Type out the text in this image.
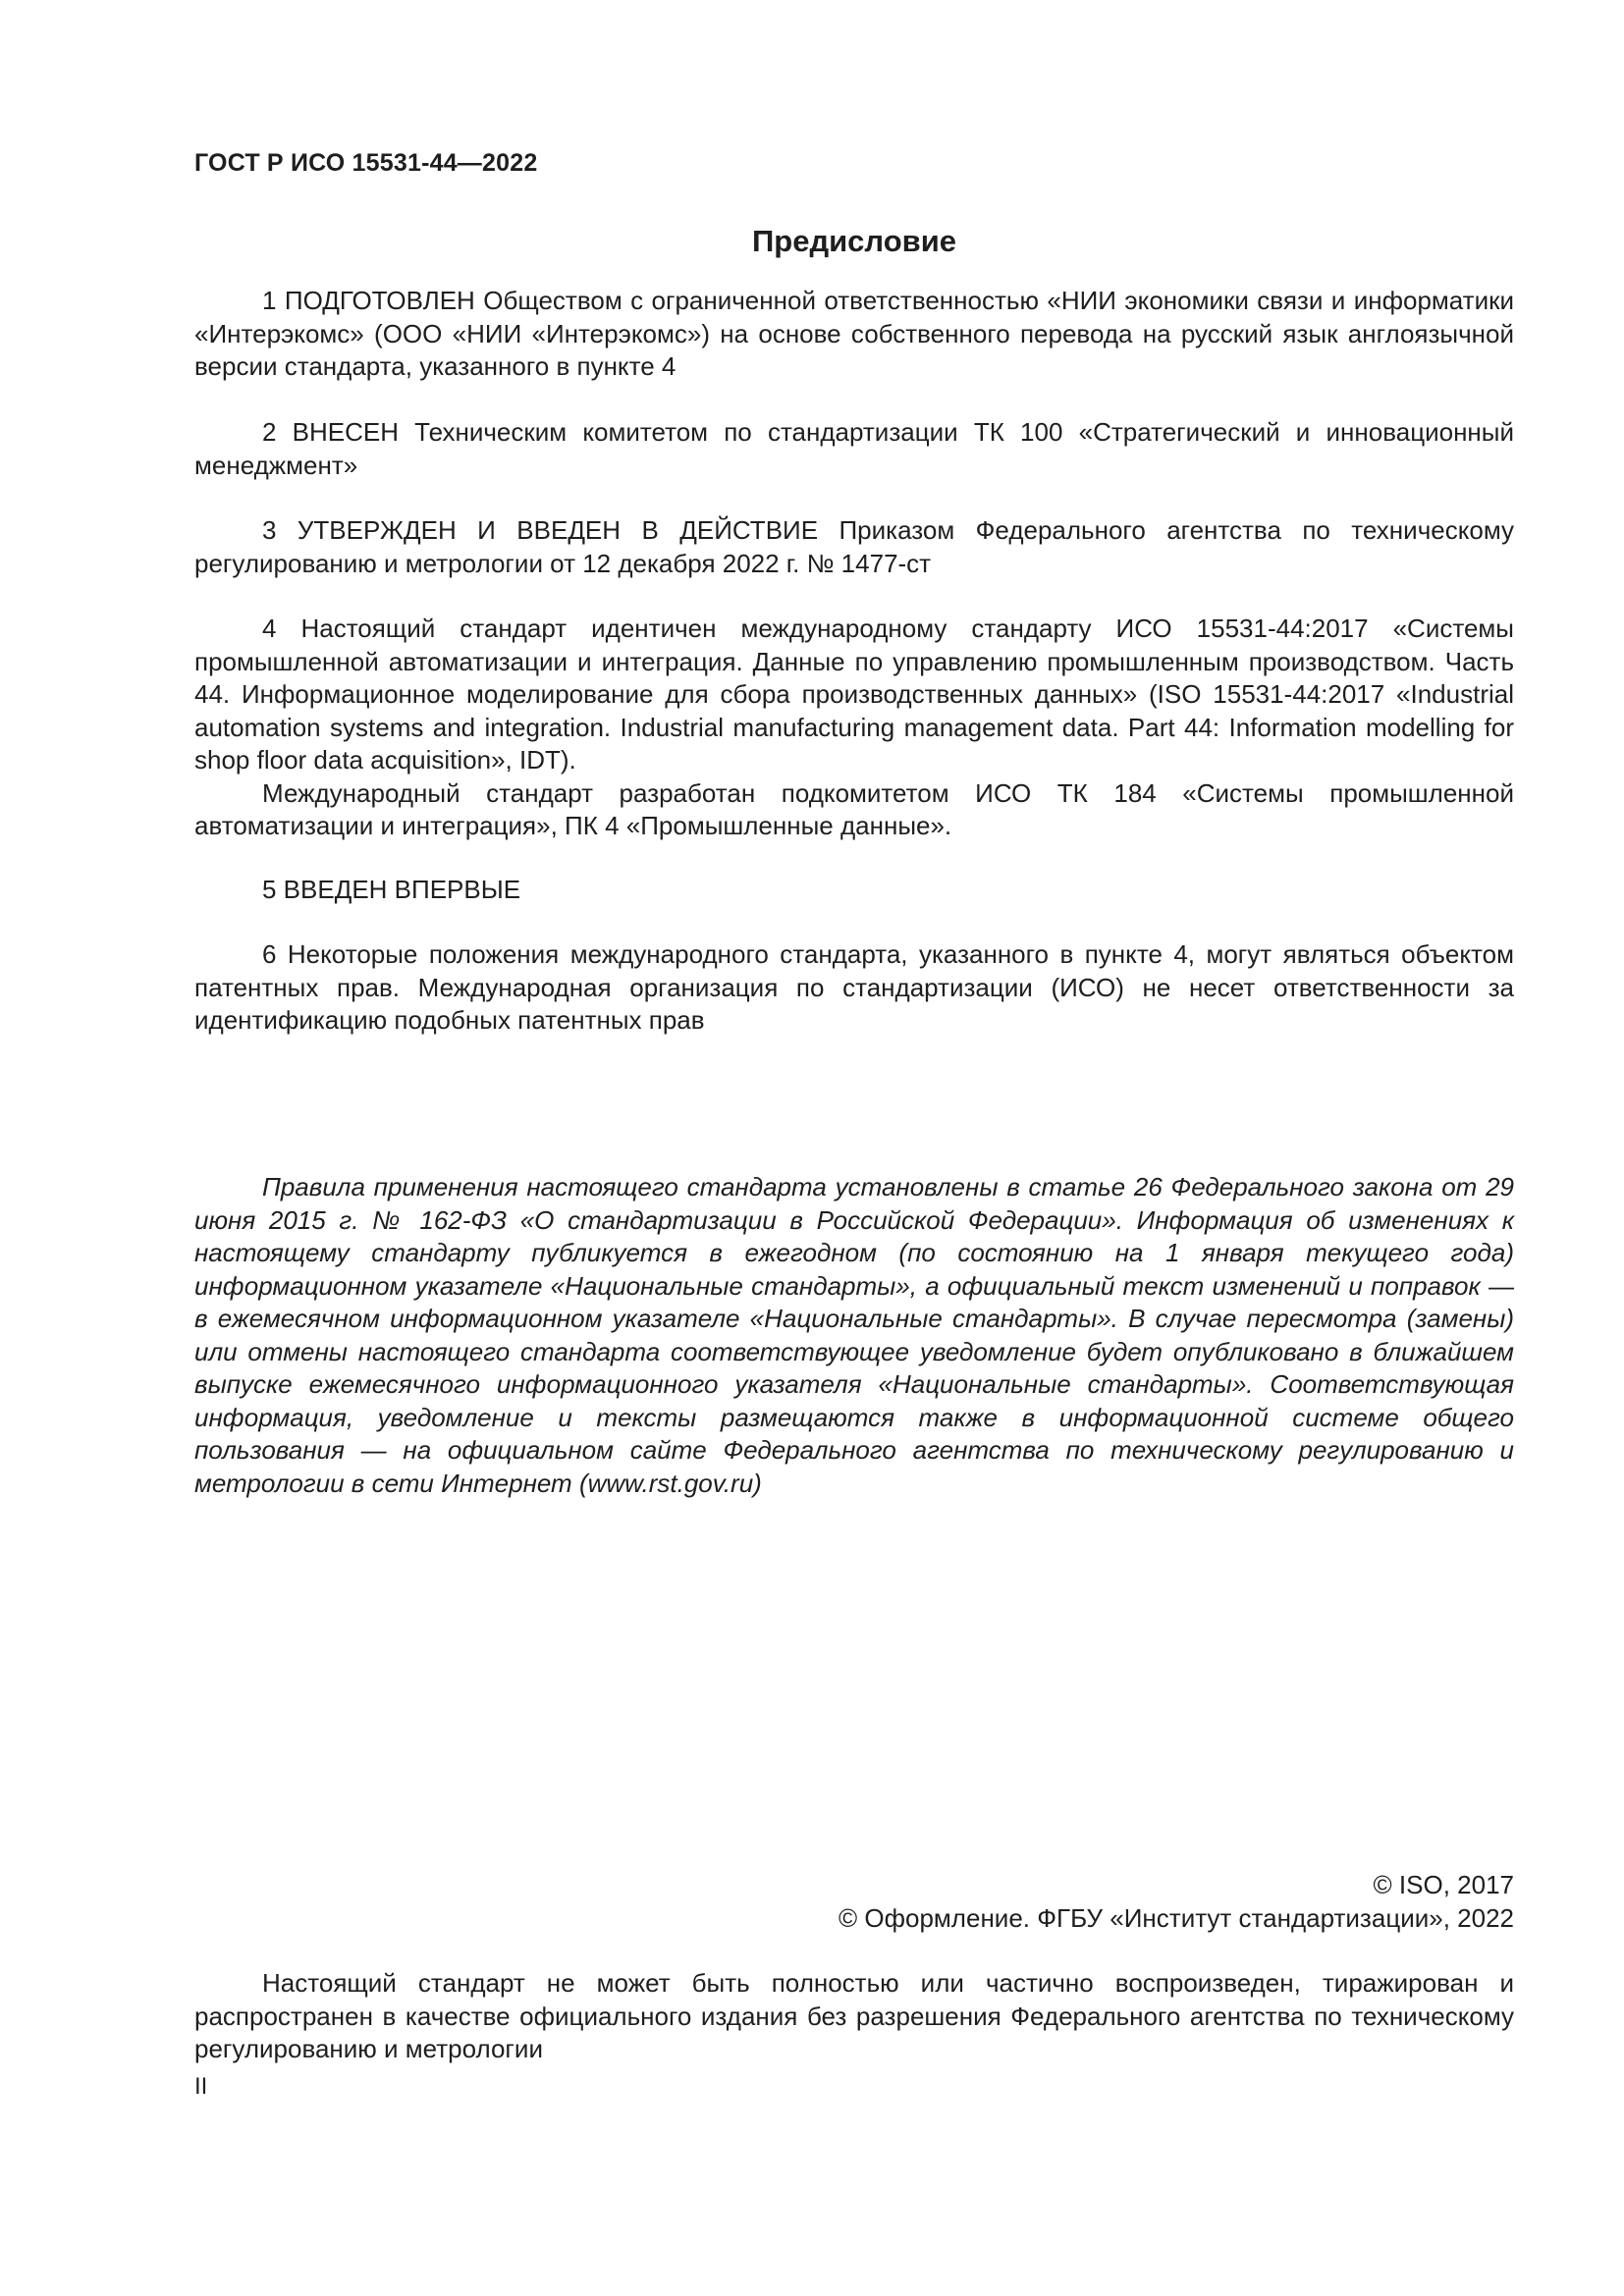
ГОСТ Р ИСО 15531-44—2022
Предисловие

1 ПОДГОТОВЛЕН Обществом с ограниченной ответственностью «НИИ экономики связи и информатики «Интерэкомс» (ООО «НИИ «Интерэкомс») на основе собственного перевода на русский язык англоязычной версии стандарта, указанного в пункте 4

2 ВНЕСЕН Техническим комитетом по стандартизации ТК 100 «Стратегический и инновационный менеджмент»

3 УТВЕРЖДЕН И ВВЕДЕН В ДЕЙСТВИЕ Приказом Федерального агентства по техническому регулированию и метрологии от 12 декабря 2022 г. № 1477-ст

4 Настоящий стандарт идентичен международному стандарту ИСО 15531-44:2017 «Системы промышленной автоматизации и интеграция. Данные по управлению промышленным производством. Часть 44. Информационное моделирование для сбора производственных данных» (ISO 15531-44:2017 «Industrial automation systems and integration. Industrial manufacturing management data. Part 44: Information modelling for shop floor data acquisition», IDT).

Международный стандарт разработан подкомитетом ИСО ТК 184 «Системы промышленной автоматизации и интеграция», ПК 4 «Промышленные данные».

5 ВВЕДЕН ВПЕРВЫЕ

6 Некоторые положения международного стандарта, указанного в пункте 4, могут являться объектом патентных прав. Международная организация по стандартизации (ИСО) не несет ответственности за идентификацию подобных патентных прав

Правила применения настоящего стандарта установлены в статье 26 Федерального закона от 29 июня 2015 г. № 162-ФЗ «О стандартизации в Российской Федерации». Информация об изменениях к настоящему стандарту публикуется в ежегодном (по состоянию на 1 января текущего года) информационном указателе «Национальные стандарты», а официальный текст изменений и поправок — в ежемесячном информационном указателе «Национальные стандарты». В случае пересмотра (замены) или отмены настоящего стандарта соответствующее уведомление будет опубликовано в ближайшем выпуске ежемесячного информационного указателя «Национальные стандарты». Соответствующая информация, уведомление и тексты размещаются также в информационной системе общего пользования — на официальном сайте Федерального агентства по техническому регулированию и метрологии в сети Интернет (www.rst.gov.ru)

© ISO, 2017
© Оформление. ФГБУ «Институт стандартизации», 2022

Настоящий стандарт не может быть полностью или частично воспроизведен, тиражирован и распространен в качестве официального издания без разрешения Федерального агентства по техническому регулированию и метрологии

II
